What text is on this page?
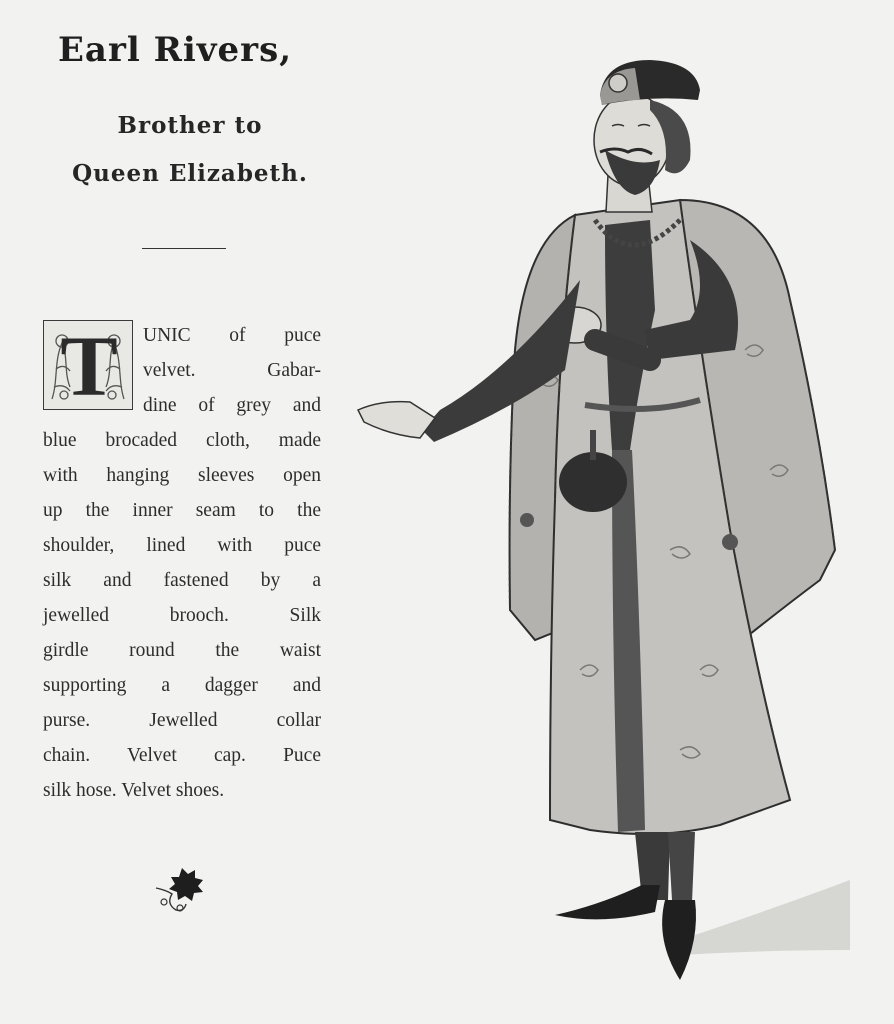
Earl Rivers,
Brother to
Queen Elizabeth.
T	UNIC of puce
velvet. Gabar-
dine of grey and
blue brocaded cloth, made
with hanging sleeves open
up the inner seam to the
shoulder, lined with puce
silk and fastened by a
jewelled brooch. Silk
girdle round the waist
supporting a dagger and
purse. Jewelled collar
chain. Velvet cap. Puce
silk hose. Velvet shoes.
